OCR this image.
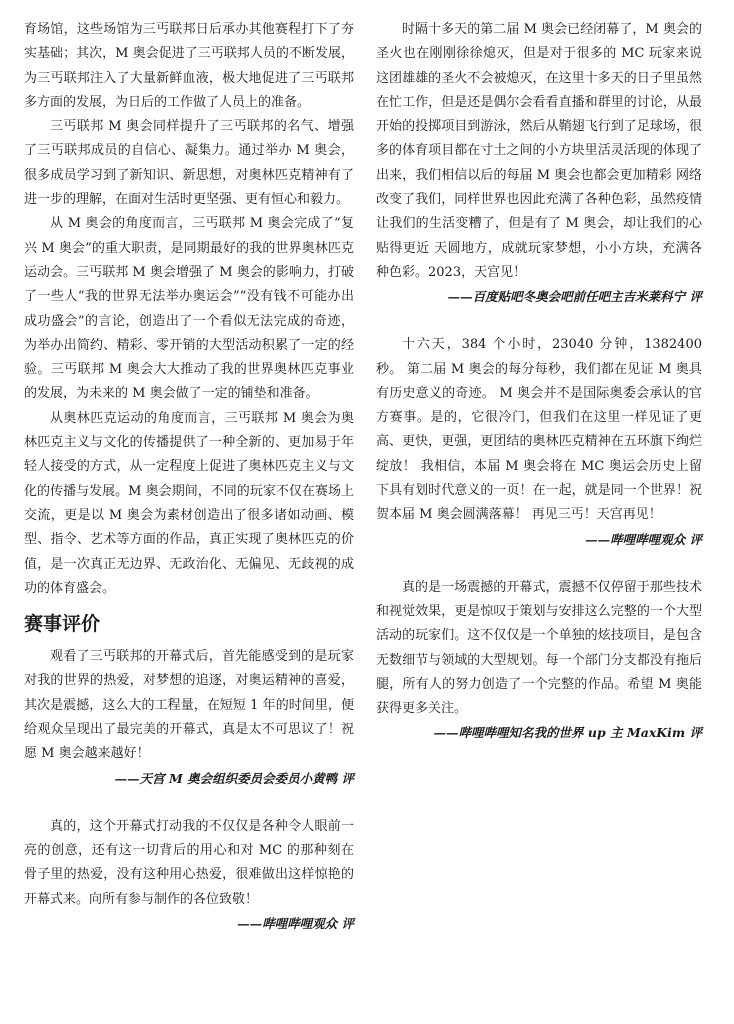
育场馆，这些场馆为三丐联邦日后承办其他赛程打下了夯实基础；其次，M 奥会促进了三丐联邦人员的不断发展，为三丐联邦注入了大量新鲜血液，极大地促进了三丐联邦多方面的发展，为日后的工作做了人员上的准备。

三丐联邦 M 奥会同样提升了三丐联邦的名气、增强了三丐联邦成员的自信心、凝集力。通过举办 M 奥会，很多成员学习到了新知识、新思想，对奥林匹克精神有了进一步的理解，在面对生活时更坚强、更有恒心和毅力。

从 M 奥会的角度而言，三丐联邦 M 奥会完成了“复兴 M 奥会”的重大职责，是同期最好的我的世界奥林匹克运动会。三丐联邦 M 奥会增强了 M 奥会的影响力，打破了一些人“我的世界无法举办奥运会”“没有钱不可能办出成功盛会”的言论，创造出了一个看似无法完成的奇迹，为举办出简约、精彩、零开销的大型活动积累了一定的经验。三丐联邦 M 奥会大大推动了我的世界奥林匹克事业的发展，为未来的 M 奥会做了一定的铺垫和准备。

从奥林匹克运动的角度而言，三丐联邦 M 奥会为奥林匹克主义与文化的传播提供了一种全新的、更加易于年轻人接受的方式，从一定程度上促进了奥林匹克主义与文化的传播与发展。M 奥会期间，不同的玩家不仅在赛场上交流，更是以 M 奥会为素材创造出了很多诸如动画、模型、指令、艺术等方面的作品，真正实现了奥林匹克的价值，是一次真正无边界、无政治化、无偏见、无歧视的成功的体育盛会。

赛事评价

观看了三丐联邦的开幕式后，首先能感受到的是玩家对我的世界的热爱，对梦想的追逐，对奥运精神的喜爱，其次是震撼，这么大的工程量，在短短 1 年的时间里，便给观众呈现出了最完美的开幕式，真是太不可思议了！祝愿 M 奥会越来越好！

——天宫 M 奥会组织委员会委员小黄鸭 评

真的，这个开幕式打动我的不仅仅是各种令人眼前一亮的创意，还有这一切背后的用心和对 MC 的那种刻在骨子里的热爱，没有这种用心热爱，很难做出这样惊艳的开幕式来。向所有参与制作的各位致敬！

——哔哩哔哩观众 评

时隔十多天的第二届 M 奥会已经闭幕了，M 奥会的圣火也在刚刚徐徐熄灭，但是对于很多的 MC 玩家来说这团雄雄的圣火不会被熄灭，在这里十多天的日子里虽然在忙工作，但是还是偶尔会看看直播和群里的讨论，从最开始的投掷项目到游泳，然后从鞘翅飞行到了足球场，很多的体育项目都在寸土之间的小方块里活灵活现的体现了出来，我们相信以后的每届 M 奥会也都会更加精彩 网络改变了我们，同样世界也因此充满了各种色彩，虽然疫情让我们的生活变糟了，但是有了 M 奥会，却让我们的心贴得更近 天圆地方，成就玩家梦想，小小方块，充满各种色彩。2023，天宫见！

——百度贴吧冬奥会吧前任吧主吉米莱科宁 评

十六天，384 个小时，23040 分钟，1382400 秒。 第二届 M 奥会的每分每秒，我们都在见证 M 奥具有历史意义的奇迹。 M 奥会并不是国际奥委会承认的官方赛事。是的，它很冷门，但我们在这里一样见证了更高、更快，更强，更团结的奥林匹克精神在五环旗下绚烂绽放！ 我相信，本届 M 奥会将在 MC 奥运会历史上留下具有划时代意义的一页！在一起，就是同一个世界！祝贺本届 M 奥会圆满落幕！ 再见三丐！天宫再见！

——哔哩哔哩观众 评

真的是一场震撼的开幕式，震撼不仅停留于那些技术和视觉效果，更是惊叹于策划与安排这么完整的一个大型活动的玩家们。这不仅仅是一个单独的炫技项目，是包含无数细节与领域的大型规划。每一个部门分支都没有拖后腿，所有人的努力创造了一个完整的作品。希望 M 奥能获得更多关注。

——哔哩哔哩知名我的世界 up 主 MaxKim 评
